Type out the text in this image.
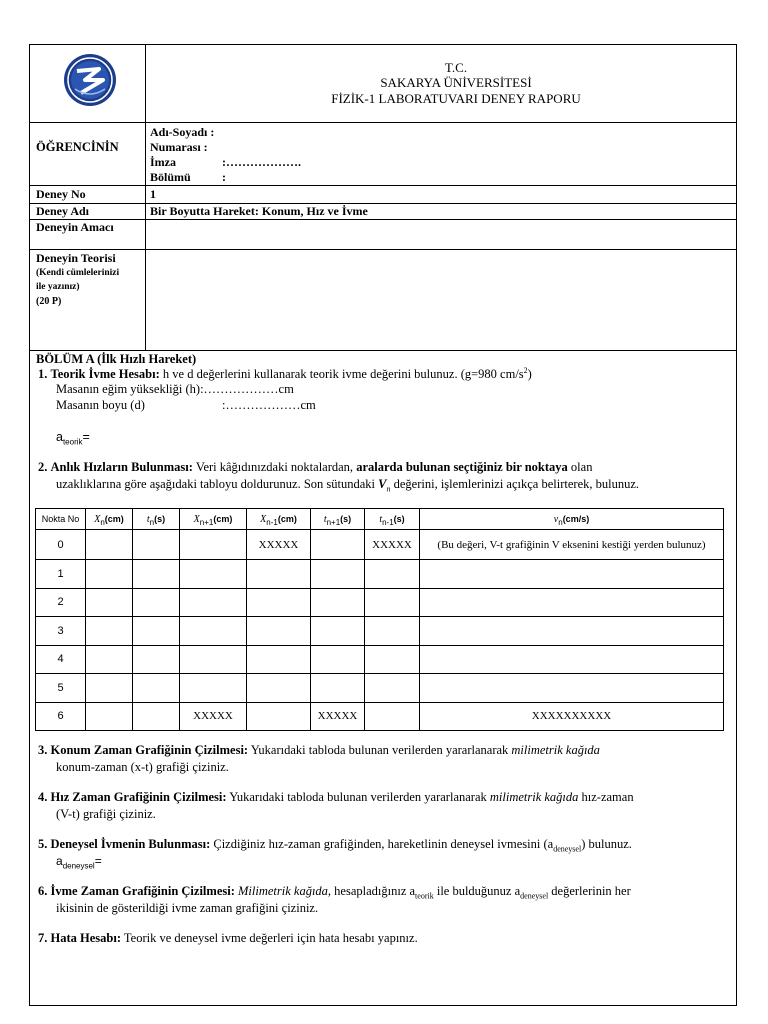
T.C.
SAKARYA ÜNİVERSİTESİ
FİZİK-1 LABORATUVARI DENEY RAPORU
ÖĞRENCİNİN
Adı-Soyadı :
Numarası :
İmza	:……………….
Bölümü	:
Deney No	1
Deney Adı	Bir Boyutta Hareket: Konum, Hız ve İvme
Deneyin Amacı
Deneyin Teorisi
(Kendi cümlelerinizi
ile yazınız)
(20 P)
BÖLÜM A (İlk Hızlı Hareket)
1. Teorik İvme Hesabı: h ve d değerlerini kullanarak teorik ivme değerini bulunuz. (g=980 $cm/s^2$)
Masanın eğim yüksekliği (h):………………cm
Masanın boyu (d)	:………………cm
$a_{teorik}=$
2. Anlık Hızların Bulunması: Veri kâğıdınızdaki noktalardan, aralarda bulunan seçtiğiniz bir noktaya olan
uzaklıklarına göre aşağıdaki tabloyu doldurunuz. Son sütundaki $V_n$ değerini, işlemlerinizi açıkça belirterek, bulunuz.
3. Konum Zaman Grafiğinin Çizilmesi: Yukarıdaki tabloda bulunan verilerden yararlanarak milimetrik kağıda
konum-zaman (x-t) grafiği çiziniz.
4. Hız Zaman Grafiğinin Çizilmesi: Yukarıdaki tabloda bulunan verilerden yararlanarak milimetrik kağıda hız-zaman
(V-t) grafiği çiziniz.
5. Deneysel İvmenin Bulunması: Çizdiğiniz hız-zaman grafiğinden, hareketlinin deneysel ivmesini $(a_{deneysel})$ bulunuz.
$a_{deneysel}=$
6. İvme Zaman Grafiğinin Çizilmesi: Milimetrik kağıda, hesapladığınız $a_{teorik}$ ile bulduğunuz $a_{deneysel}$ değerlerinin her
ikisinin de gösterildiği ivme zaman grafiğini çiziniz.
7. Hata Hesabı: Teorik ve deneysel ivme değerleri için hata hesabı yapınız.
Nokta No	$X_n(cm)$	$t_n(s)$	$X_{n+1}(cm)$	$X_{n-1}(cm)$	$t_{n+1}(s)$	$t_{n-1}(s)$	$v_n(cm/s)$
0				XXXXX		XXXXX	(Bu değeri, V-t grafiğinin V eksenini kestiği yerden bulunuz)
1							
2							
3							
4							
5							
6			XXXXX		XXXXX		XXXXXXXXXX
